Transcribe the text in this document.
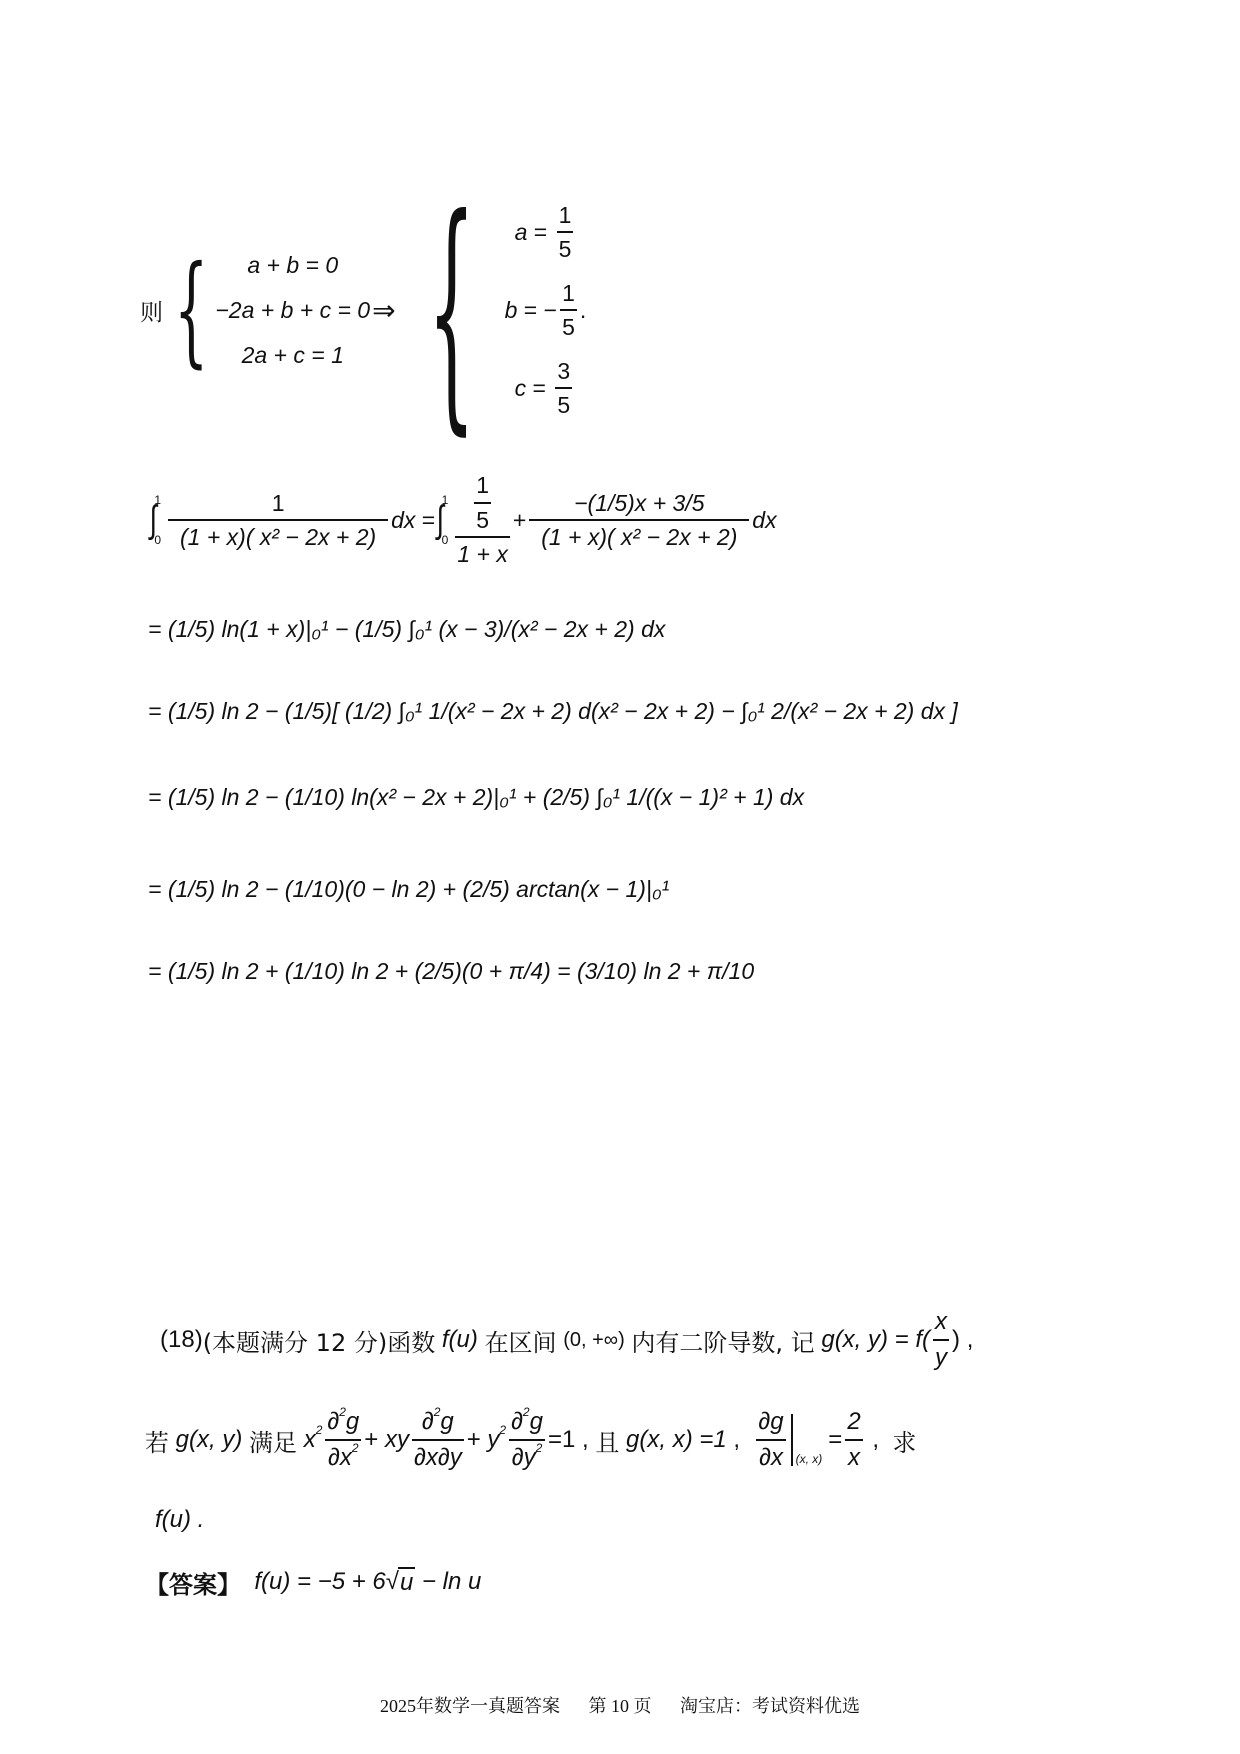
则 { a + b = 0
−2a + b + c = 0
2a + c = 1
⇒ { $a = \frac{1}{5}$
b = − $\frac{1}{5}$ .
$c = \frac{3}{5}$
∫
1
$0 \frac{1}{\text{(1 + x)( x² − 2x + 2)}}$ dx
= ∫
1
$0 \frac{\frac{1}{5}}{1 + x} + \frac{-(1/5)x + 3/5}{\text{(1 + x)( x² − 2x + 2)}}$ dx
= (1/5) ln(1 + x)|₀¹ − (1/5) ∫₀¹ (x − 3)/(x² − 2x + 2) dx
= (1/5) ln 2 − (1/5)[ (1/2) ∫₀¹ 1/(x² − 2x + 2) d(x² − 2x + 2) − ∫₀¹ 2/(x² − 2x + 2) dx ]
= (1/5) ln 2 − (1/10) ln(x² − 2x + 2)|₀¹ + (2/5) ∫₀¹ 1/((x − 1)² + 1) dx
= (1/5) ln 2 − (1/10)(0 − ln 2) + (2/5) arctan(x − 1)|₀¹
= (1/5) ln 2 + (1/10) ln 2 + (2/5)(0 + π/4) = (3/10) ln 2 + π/10
(18) (本题满分 12 分) 函数
f(u)
在区间
(0, +∞)
内有二阶导数, 记
g(x, y) =
$f( \frac{x}{y}$ )
,
若
g(x, y)
满足
$x^2 \frac{\partial^2g}{\partial x^2}$ +
xy $\frac{\partial^2g}{\partial x\partial y}$ +
$y^2 \frac{\partial^2g}{\partial y^2} =1$ , 且
g(x, x) =1 , $\frac{\partial g}{\partial x}$
(x, x)
= $\frac{2}{x}$ , 求
f(u) .
【答案】
f(u) = −5 + 6 √ u
− ln u
2025年数学一真题答案 第 10 页 淘宝店：考试资料优选
